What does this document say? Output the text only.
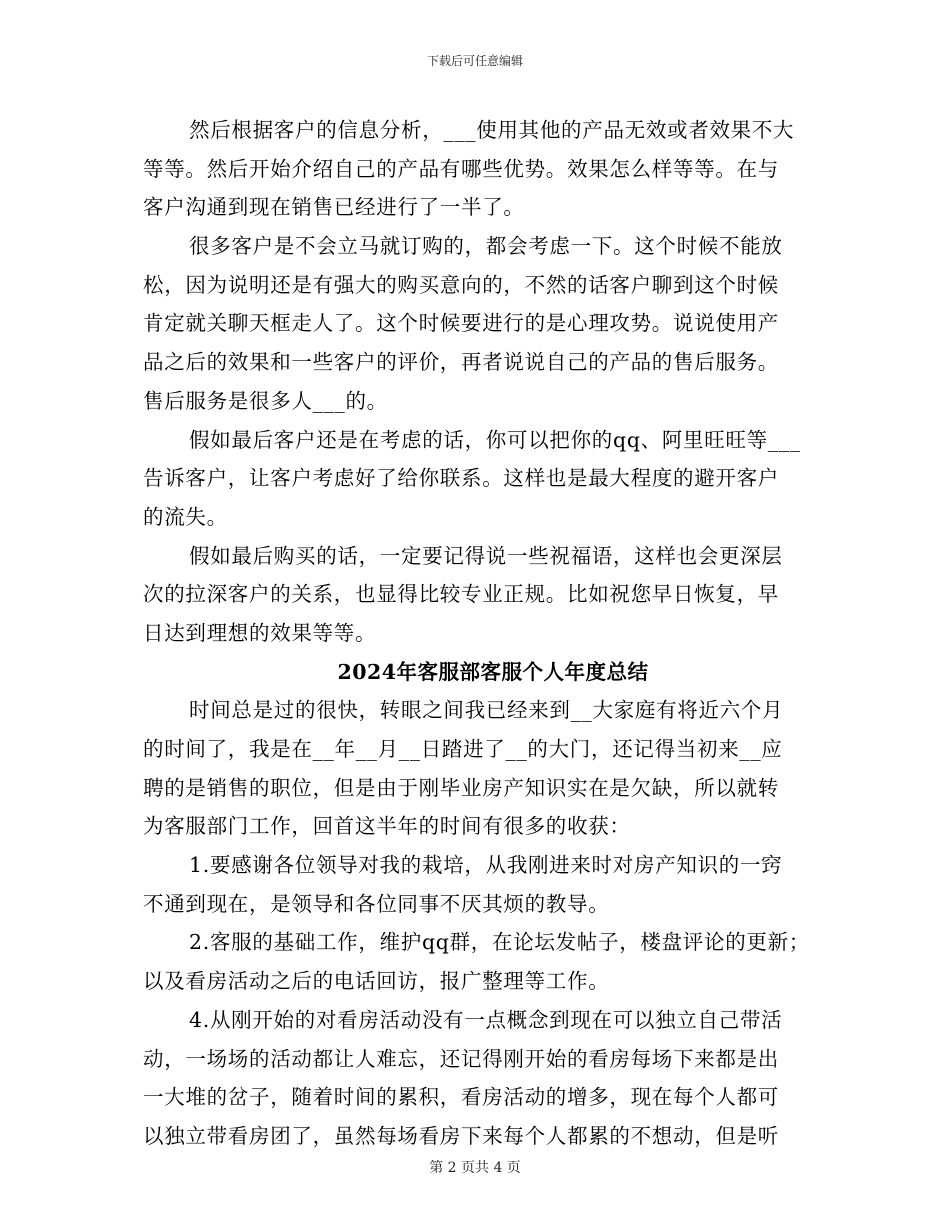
下载后可任意编辑
然后根据客户的信息分析，___使用其他的产品无效或者效果不大
等等。然后开始介绍自己的产品有哪些优势。效果怎么样等等。在与
客户沟通到现在销售已经进行了一半了。
很多客户是不会立马就订购的，都会考虑一下。这个时候不能放
松，因为说明还是有强大的购买意向的，不然的话客户聊到这个时候
肯定就关聊天框走人了。这个时候要进行的是心理攻势。说说使用产
品之后的效果和一些客户的评价，再者说说自己的产品的售后服务。
售后服务是很多人___的。
假如最后客户还是在考虑的话，你可以把你的qq、阿里旺旺等___
告诉客户，让客户考虑好了给你联系。这样也是最大程度的避开客户
的流失。
假如最后购买的话，一定要记得说一些祝福语，这样也会更深层
次的拉深客户的关系，也显得比较专业正规。比如祝您早日恢复，早
日达到理想的效果等等。
2024年客服部客服个人年度总结
时间总是过的很快，转眼之间我已经来到__大家庭有将近六个月
的时间了，我是在__年__月__日踏进了__的大门，还记得当初来__应
聘的是销售的职位，但是由于刚毕业房产知识实在是欠缺，所以就转
为客服部门工作，回首这半年的时间有很多的收获：
1.要感谢各位领导对我的栽培，从我刚进来时对房产知识的一窍
不通到现在，是领导和各位同事不厌其烦的教导。
2.客服的基础工作，维护qq群，在论坛发帖子，楼盘评论的更新；
以及看房活动之后的电话回访，报广整理等工作。
4.从刚开始的对看房活动没有一点概念到现在可以独立自己带活
动，一场场的活动都让人难忘，还记得刚开始的看房每场下来都是出
一大堆的岔子，随着时间的累积，看房活动的增多，现在每个人都可
以独立带看房团了，虽然每场看房下来每个人都累的不想动，但是听
第 2 页共 4 页
